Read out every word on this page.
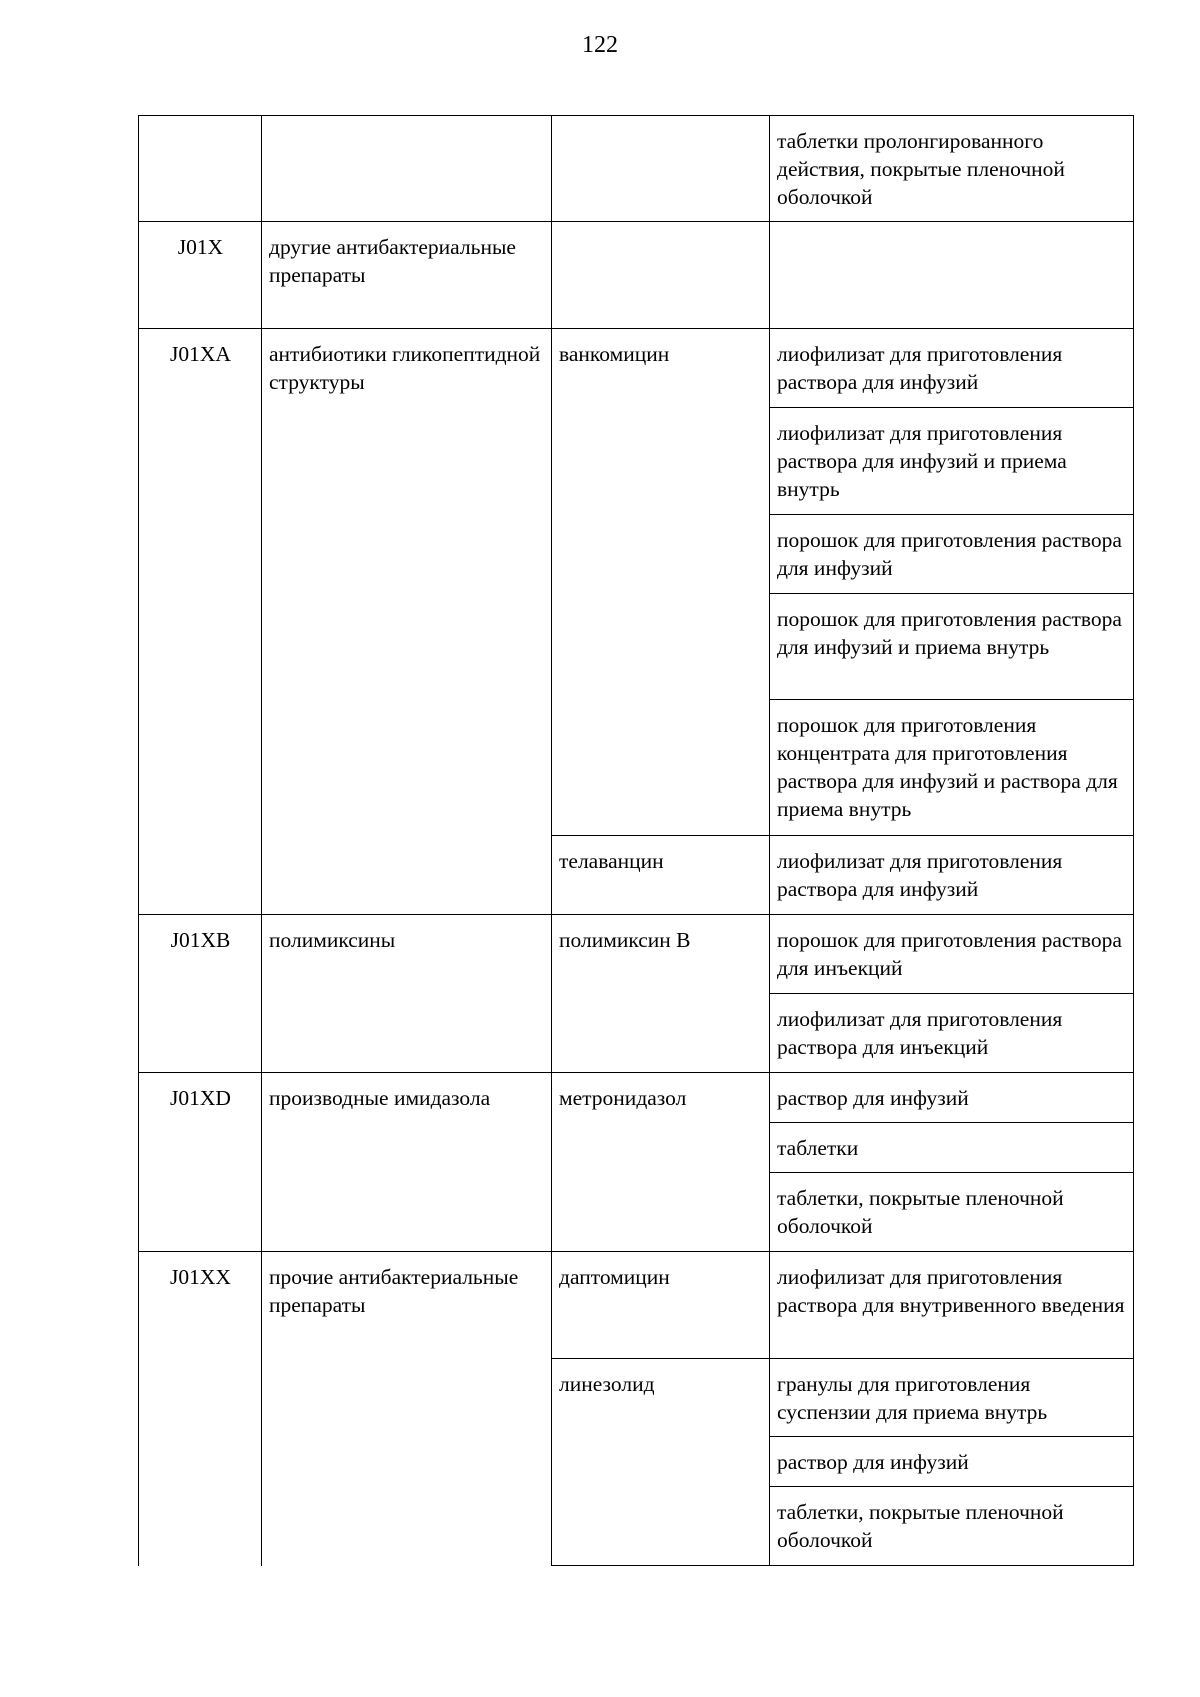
122
			таблетки пролонгированного действия, покрытые пленочной оболочкой
J01X	другие антибактериальные препараты		
J01XA	антибиотики гликопептидной структуры	ванкомицин	лиофилизат для приготовления раствора для инфузий
			лиофилизат для приготовления раствора для инфузий и приема внутрь
			порошок для приготовления раствора для инфузий
			порошок для приготовления раствора для инфузий и приема внутрь
			порошок для приготовления концентрата для приготовления раствора для инфузий и раствора для приема внутрь
		телаванцин	лиофилизат для приготовления раствора для инфузий
J01XB	полимиксины	полимиксин В	порошок для приготовления раствора для инъекций
			лиофилизат для приготовления раствора для инъекций
J01XD	производные имидазола	метронидазол	раствор для инфузий
			таблетки
			таблетки, покрытые пленочной оболочкой
J01XX	прочие антибактериальные препараты	даптомицин	лиофилизат для приготовления раствора для внутривенного введения
		линезолид	гранулы для приготовления суспензии для приема внутрь
			раствор для инфузий
			таблетки, покрытые пленочной оболочкой
